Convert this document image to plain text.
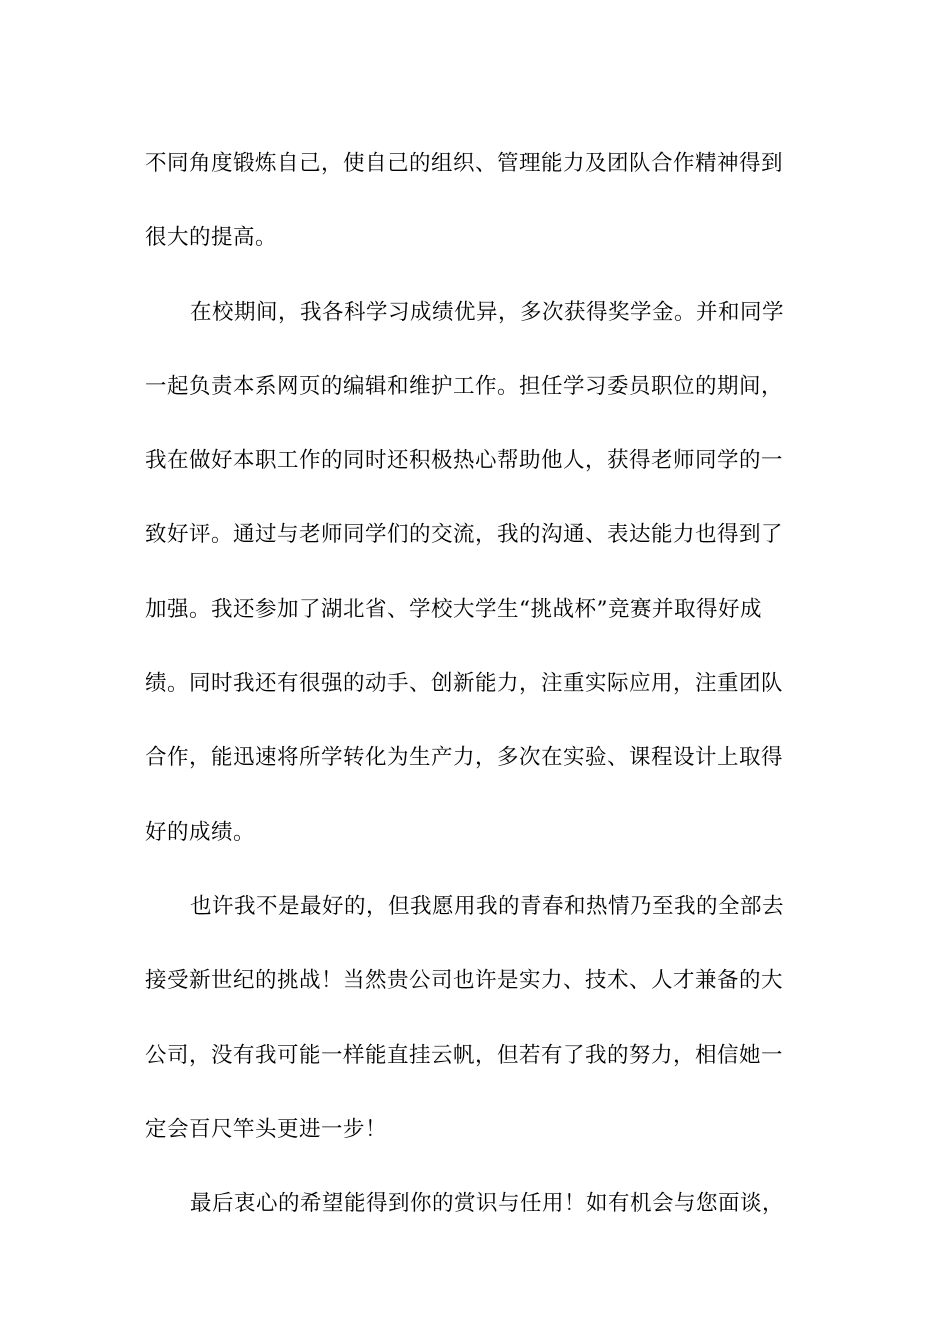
不同角度锻炼自己，使自己的组织、管理能力及团队合作精神得到
很大的提高。
在校期间，我各科学习成绩优异，多次获得奖学金。并和同学
一起负责本系网页的编辑和维护工作。担任学习委员职位的期间，
我在做好本职工作的同时还积极热心帮助他人，获得老师同学的一
致好评。通过与老师同学们的交流，我的沟通、表达能力也得到了
加强。我还参加了湖北省、学校大学生“挑战杯”竞赛并取得好成
绩。同时我还有很强的动手、创新能力，注重实际应用，注重团队
合作，能迅速将所学转化为生产力，多次在实验、课程设计上取得
好的成绩。
也许我不是最好的，但我愿用我的青春和热情乃至我的全部去
接受新世纪的挑战！当然贵公司也许是实力、技术、人才兼备的大
公司，没有我可能一样能直挂云帆，但若有了我的努力，相信她一
定会百尺竿头更进一步！
最后衷心的希望能得到你的赏识与任用！如有机会与您面谈，
